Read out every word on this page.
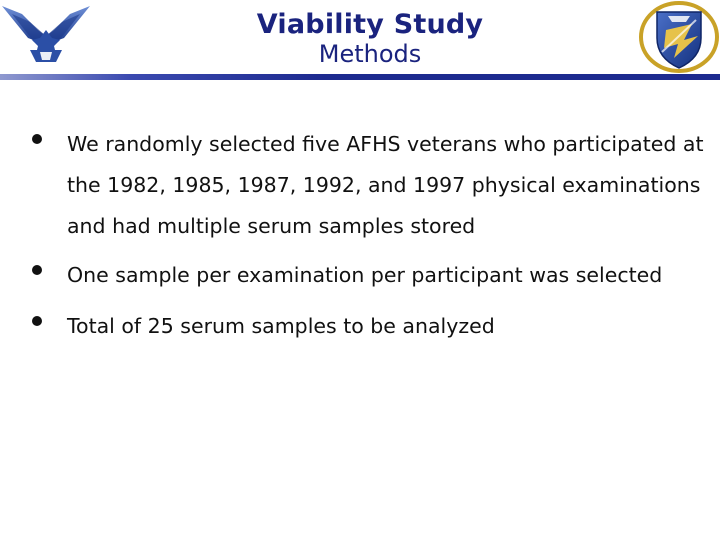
Viability Study
Methods
We randomly selected five AFHS veterans who participated at the 1982, 1985, 1987, 1992, and 1997 physical examinations and had multiple serum samples stored
One sample per examination per participant was selected
Total of 25 serum samples to be analyzed
